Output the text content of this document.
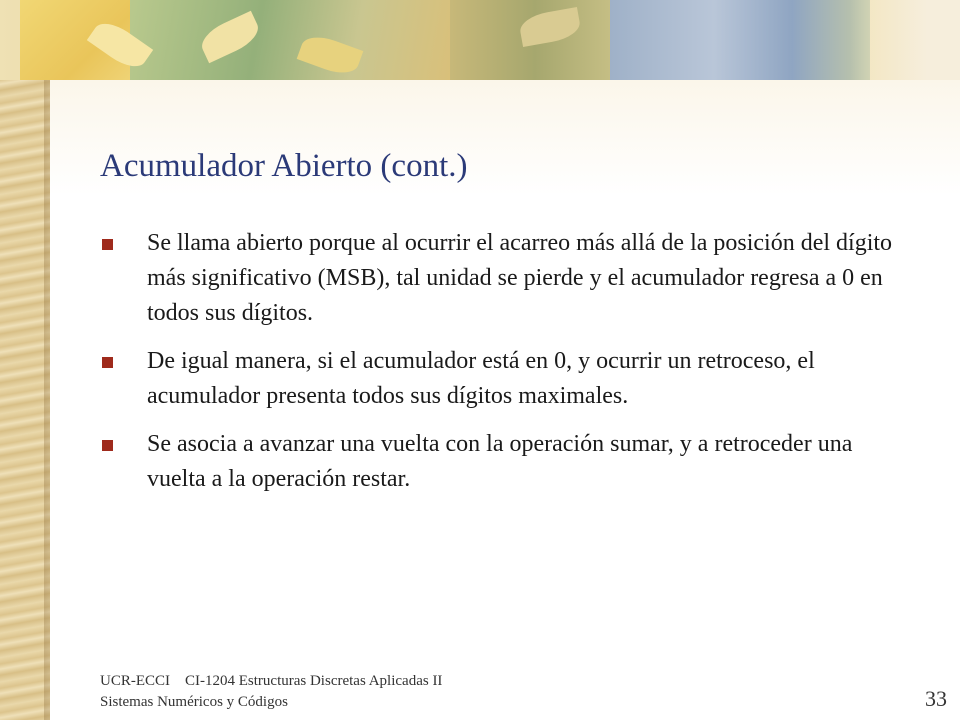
Acumulador Abierto (cont.)
Se llama abierto porque al ocurrir el acarreo más allá de la posición del dígito más significativo (MSB), tal unidad se pierde y el acumulador regresa a 0 en todos sus dígitos.
De igual manera, si el acumulador está en 0, y ocurrir un retroceso, el acumulador presenta todos sus dígitos maximales.
Se asocia a avanzar una vuelta con la operación sumar, y a retroceder una vuelta a la operación restar.
UCR-ECCI    CI-1204 Estructuras Discretas Aplicadas II
Sistemas Numéricos y Códigos	33
